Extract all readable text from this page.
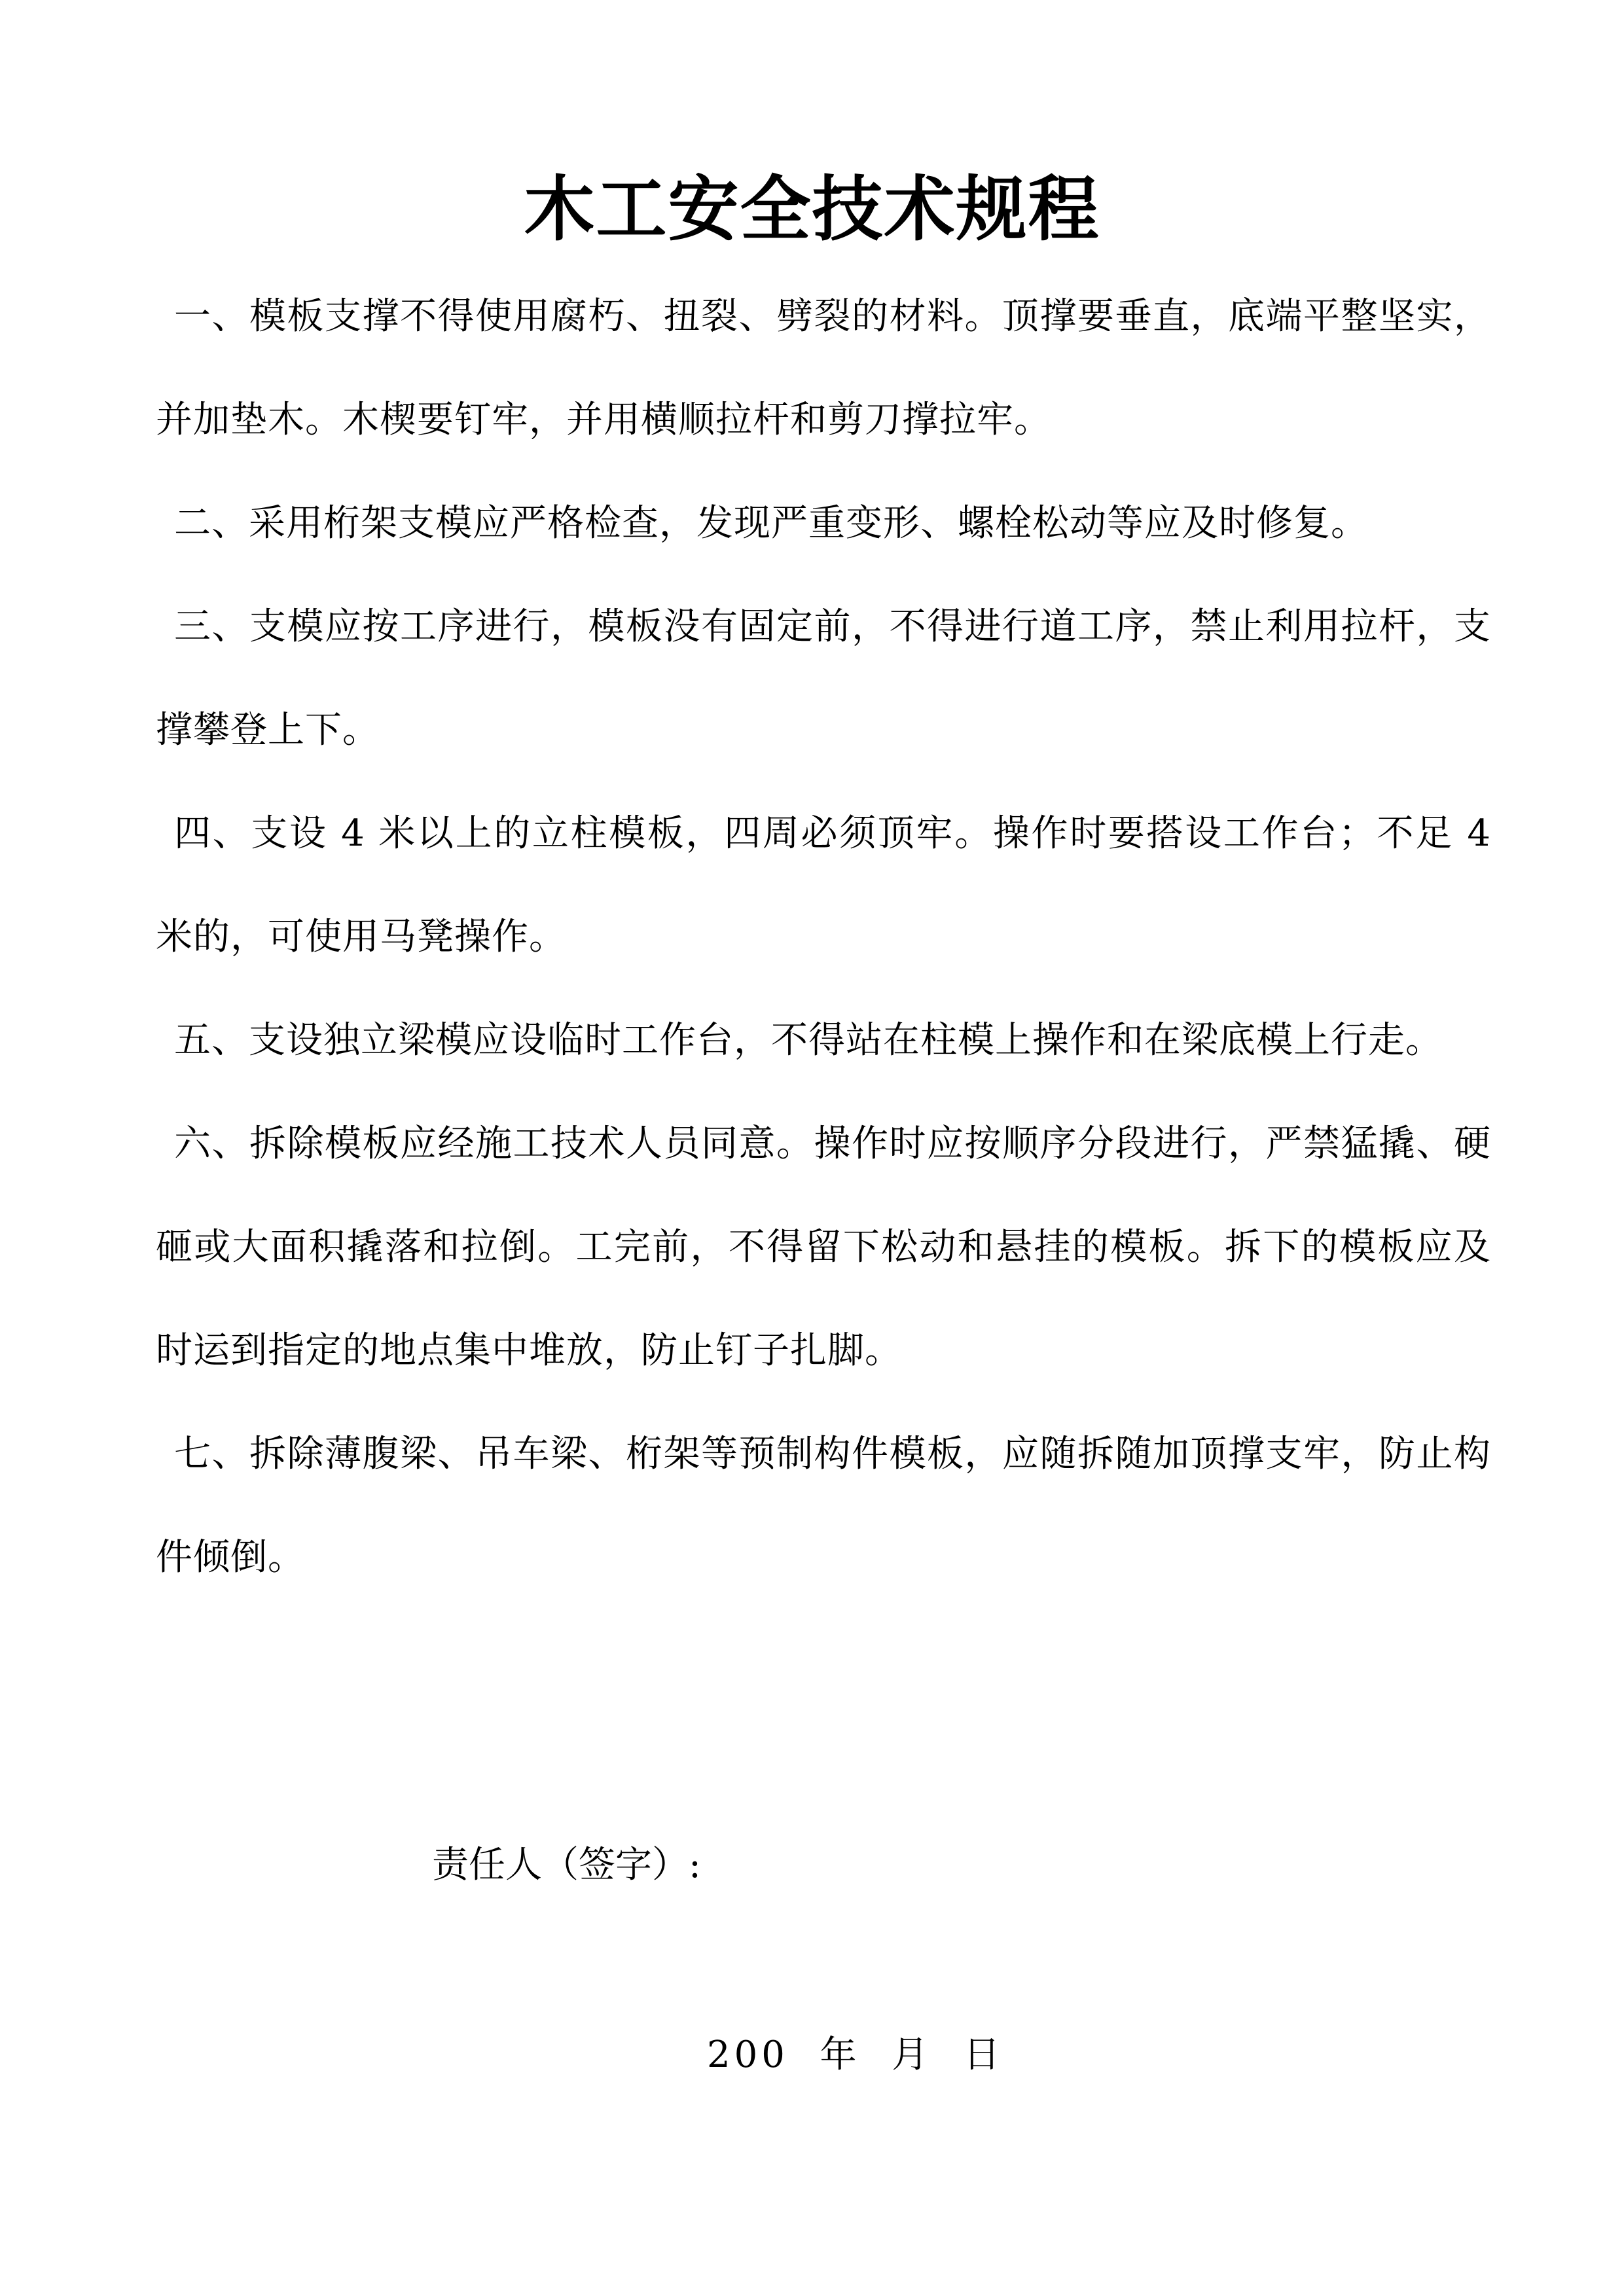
木工安全技术规程

一、模板支撑不得使用腐朽、扭裂、劈裂的材料。顶撑要垂直，底端平整坚实，并加垫木。木楔要钉牢，并用横顺拉杆和剪刀撑拉牢。

二、采用桁架支模应严格检查，发现严重变形、螺栓松动等应及时修复。

三、支模应按工序进行，模板没有固定前，不得进行道工序，禁止利用拉杆，支撑攀登上下。

四、支设 4 米以上的立柱模板，四周必须顶牢。操作时要搭设工作台；不足 4 米的，可使用马凳操作。

五、支设独立梁模应设临时工作台，不得站在柱模上操作和在梁底模上行走。

六、拆除模板应经施工技术人员同意。操作时应按顺序分段进行，严禁猛撬、硬砸或大面积撬落和拉倒。工完前，不得留下松动和悬挂的模板。拆下的模板应及时运到指定的地点集中堆放，防止钉子扎脚。

七、拆除薄腹梁、吊车梁、桁架等预制构件模板，应随拆随加顶撑支牢，防止构件倾倒。

责任人（签字）:

200  年  月  日
